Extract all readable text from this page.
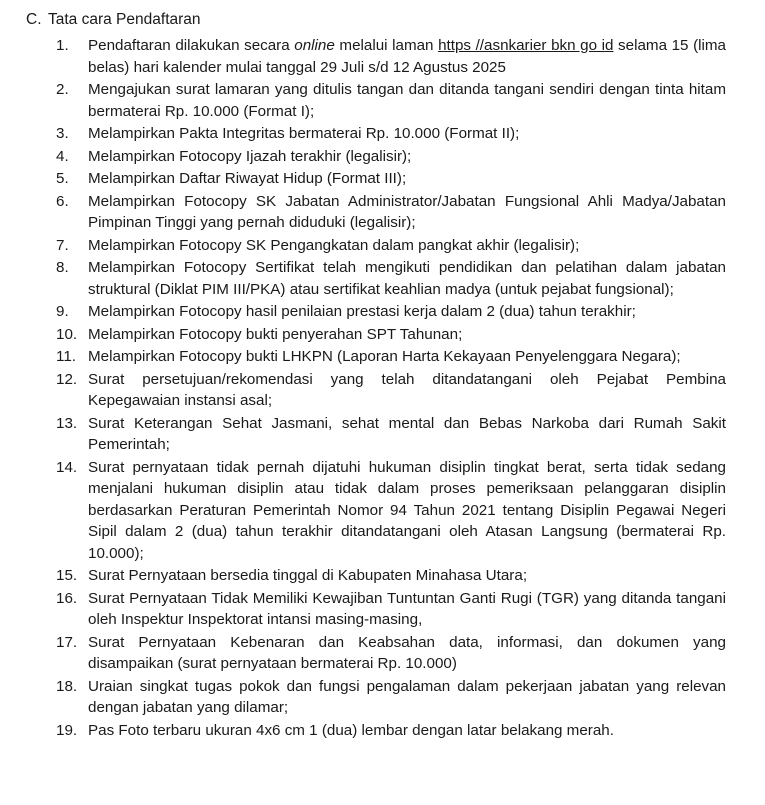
C. Tata cara Pendaftaran
1.	Pendaftaran dilakukan secara online melalui laman https //asnkarier bkn go id selama 15 (lima belas) hari kalender mulai tanggal 29 Juli s/d 12 Agustus 2025
2.	Mengajukan surat lamaran yang ditulis tangan dan ditanda tangani sendiri dengan tinta hitam bermaterai Rp. 10.000 (Format I);
3.	Melampirkan Pakta Integritas bermaterai Rp. 10.000 (Format II);
4.	Melampirkan Fotocopy Ijazah terakhir (legalisir);
5.	Melampirkan Daftar Riwayat Hidup (Format III);
6.	Melampirkan Fotocopy SK Jabatan Administrator/Jabatan Fungsional Ahli Madya/Jabatan Pimpinan Tinggi yang pernah diduduki (legalisir);
7.	Melampirkan Fotocopy SK Pengangkatan dalam pangkat akhir (legalisir);
8.	Melampirkan Fotocopy Sertifikat telah mengikuti pendidikan dan pelatihan dalam jabatan struktural (Diklat PIM III/PKA) atau sertifikat keahlian madya (untuk pejabat fungsional);
9.	Melampirkan Fotocopy hasil penilaian prestasi kerja dalam 2 (dua) tahun terakhir;
10. Melampirkan Fotocopy bukti penyerahan SPT Tahunan;
11. Melampirkan Fotocopy bukti LHKPN (Laporan Harta Kekayaan Penyelenggara Negara);
12. Surat persetujuan/rekomendasi yang telah ditandatangani oleh Pejabat Pembina Kepegawaian instansi asal;
13. Surat Keterangan Sehat Jasmani, sehat mental dan Bebas Narkoba dari Rumah Sakit Pemerintah;
14. Surat pernyataan tidak pernah dijatuhi hukuman disiplin tingkat berat, serta tidak sedang menjalani hukuman disiplin atau tidak dalam proses pemeriksaan pelanggaran disiplin berdasarkan Peraturan Pemerintah Nomor 94 Tahun 2021 tentang Disiplin Pegawai Negeri Sipil dalam 2 (dua) tahun terakhir ditandatangani oleh Atasan Langsung (bermaterai Rp. 10.000);
15. Surat Pernyataan bersedia tinggal di Kabupaten Minahasa Utara;
16. Surat Pernyataan Tidak Memiliki Kewajiban Tuntuntan Ganti Rugi (TGR) yang ditanda tangani oleh Inspektur Inspektorat intansi masing-masing,
17. Surat Pernyataan Kebenaran dan Keabsahan data, informasi, dan dokumen yang disampaikan (surat pernyataan bermaterai Rp. 10.000)
18. Uraian singkat tugas pokok dan fungsi pengalaman dalam pekerjaan jabatan yang relevan dengan jabatan yang dilamar;
19. Pas Foto terbaru ukuran 4x6 cm 1 (dua) lembar dengan latar belakang merah.
